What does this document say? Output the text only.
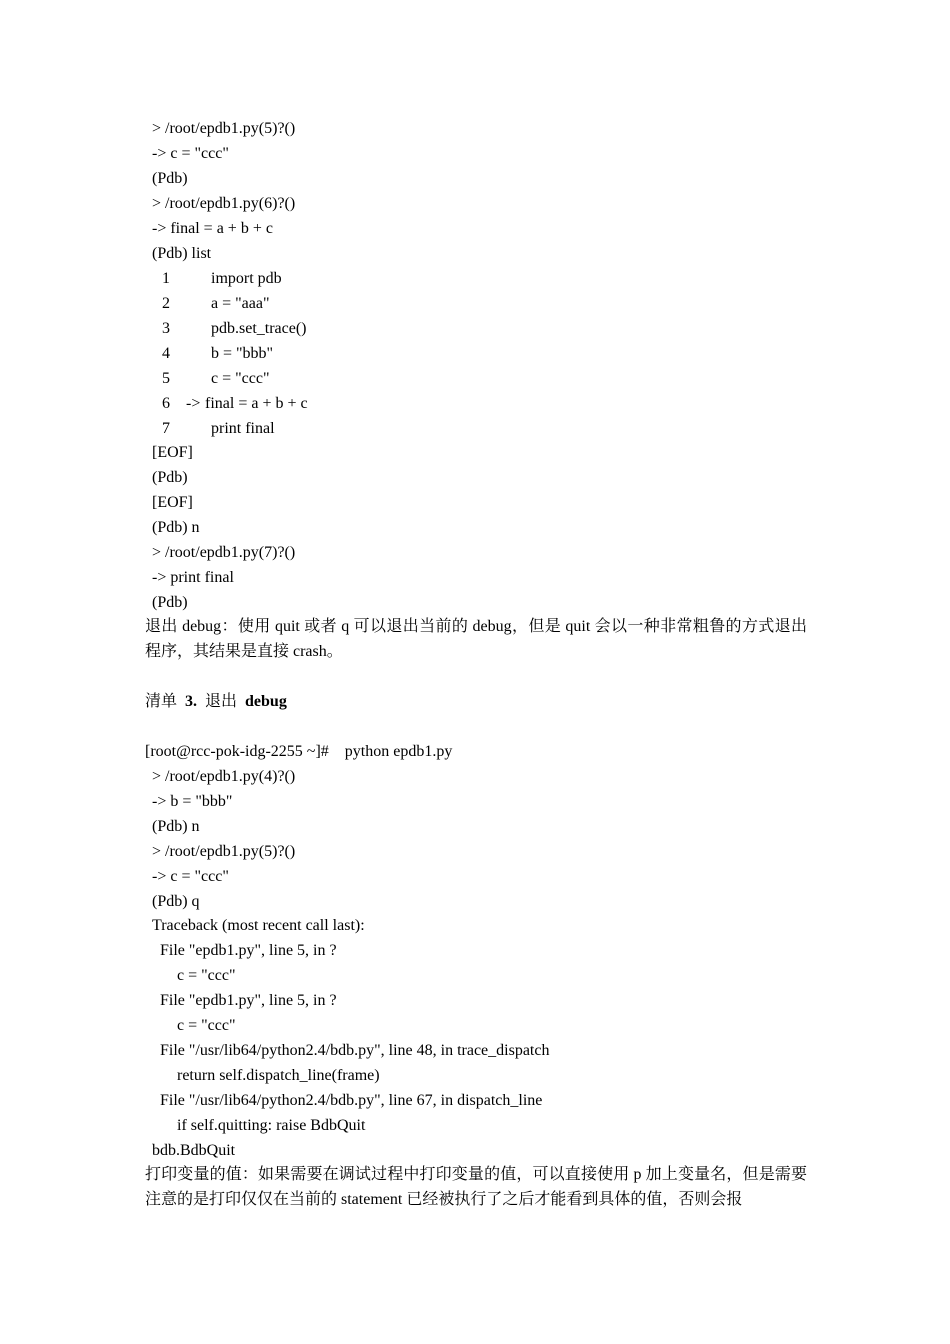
> /root/epdb1.py(5)?()
-> c = "ccc"
(Pdb)
> /root/epdb1.py(6)?()
-> final = a + b + c
(Pdb) list
1	import pdb
2	a = "aaa"
3	pdb.set_trace()
4	b = "bbb"
5	c = "ccc"
6 -> final = a + b + c
7	print final
[EOF]
(Pdb)
[EOF]
(Pdb) n
> /root/epdb1.py(7)?()
-> print final
(Pdb)
退出 debug：使用 quit 或者 q 可以退出当前的 debug，但是 quit 会以一种非常粗鲁的方式退出程序，其结果是直接 crash。
清单 3. 退出 debug
[root@rcc-pok-idg-2255 ~]#    python epdb1.py
> /root/epdb1.py(4)?()
-> b = "bbb"
(Pdb) n
> /root/epdb1.py(5)?()
-> c = "ccc"
(Pdb) q
Traceback (most recent call last):
File "epdb1.py", line 5, in ?
c = "ccc"
File "epdb1.py", line 5, in ?
c = "ccc"
File "/usr/lib64/python2.4/bdb.py", line 48, in trace_dispatch
return self.dispatch_line(frame)
File "/usr/lib64/python2.4/bdb.py", line 67, in dispatch_line
if self.quitting: raise BdbQuit
bdb.BdbQuit
打印变量的值：如果需要在调试过程中打印变量的值，可以直接使用 p 加上变量名，但是需要注意的是打印仅仅在当前的 statement 已经被执行了之后才能看到具体的值，否则会报
